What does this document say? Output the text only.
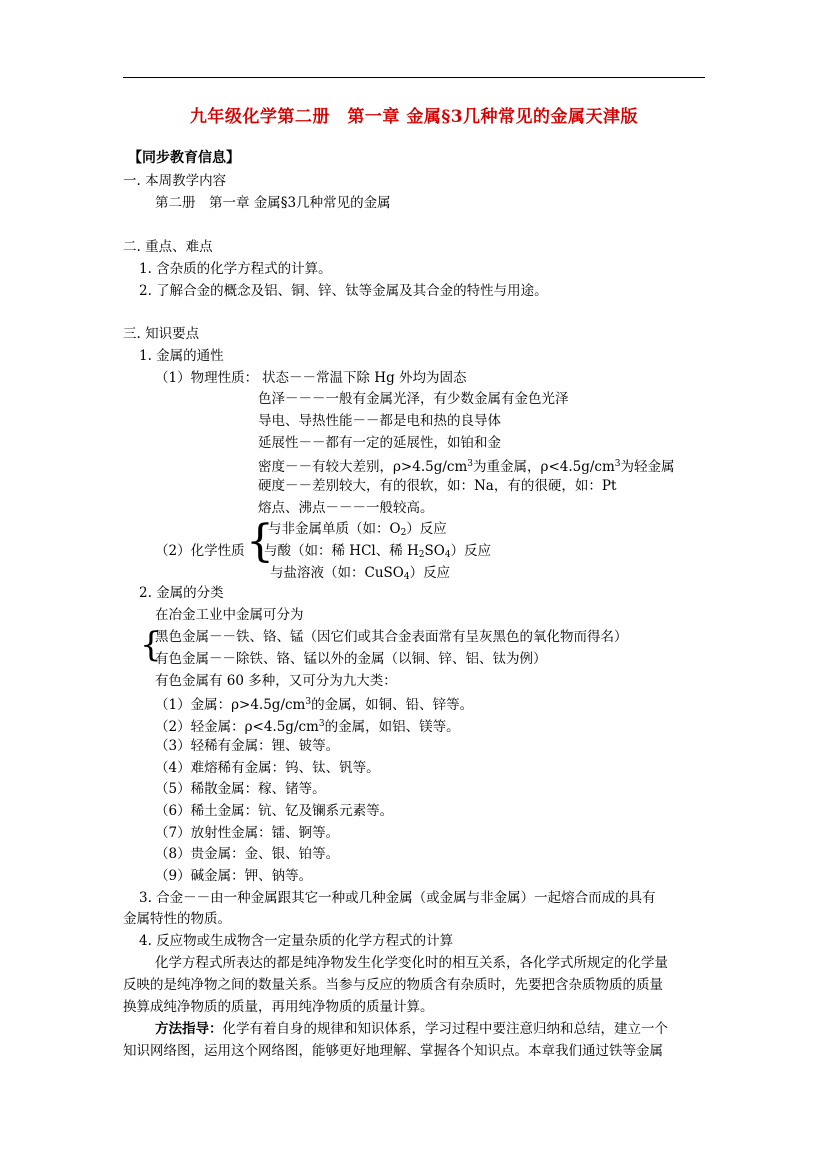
九年级化学第二册　第一章 金属§3几种常见的金属天津版
【同步教育信息】
一. 本周教学内容
第二册　第一章 金属§3几种常见的金属
二. 重点、难点
1. 含杂质的化学方程式的计算。
2. 了解合金的概念及铝、铜、锌、钛等金属及其合金的特性与用途。
三. 知识要点
1. 金属的通性
（1）物理性质： 状态－－常温下除 Hg 外均为固态
色泽－－－一般有金属光泽，有少数金属有金色光泽
导电、导热性能－－都是电和热的良导体
延展性－－都有一定的延展性，如铂和金
密度－－有较大差别，$\rho>4.5g/cm^3$为重金属，$\rho<4.5g/cm^3$为轻金属
硬度－－差别较大，有的很软，如：Na，有的很硬，如：Pt
熔点、沸点－－－一般较高。
{
（2）化学性质
与非金属单质（如：$O_2$）反应
与酸（如：稀 HCl、稀 $H_2SO_4$）反应
与盐溶液（如：CuSO$_4$）反应
2. 金属的分类
在冶金工业中金属可分为
{
黑色金属－－铁、铬、锰（因它们或其合金表面常有呈灰黑色的氧化物而得名）
有色金属－－除铁、铬、锰以外的金属（以铜、锌、铝、钛为例）
有色金属有 60 多种，又可分为九大类：
（1）金属：$\rho>4.5g/cm^3$的金属，如铜、铅、锌等。
（2）轻金属：$\rho<4.5g/cm^3$的金属，如铝、镁等。
（3）轻稀有金属：锂、铍等。
（4）难熔稀有金属：钨、钛、钒等。
（5）稀散金属：稼、锗等。
（6）稀土金属：钪、钇及镧系元素等。
（7）放射性金属：镭、锕等。
（8）贵金属：金、银、铂等。
（9）碱金属：钾、钠等。
3. 合金－－由一种金属跟其它一种或几种金属（或金属与非金属）一起熔合而成的具有
金属特性的物质。
4. 反应物或生成物含一定量杂质的化学方程式的计算
化学方程式所表达的都是纯净物发生化学变化时的相互关系，各化学式所规定的化学量
反映的是纯净物之间的数量关系。当参与反应的物质含有杂质时，先要把含杂质物质的质量
换算成纯净物质的质量，再用纯净物质的质量计算。
方法指导：化学有着自身的规律和知识体系，学习过程中要注意归纳和总结，建立一个
知识网络图，运用这个网络图，能够更好地理解、掌握各个知识点。本章我们通过铁等金属
